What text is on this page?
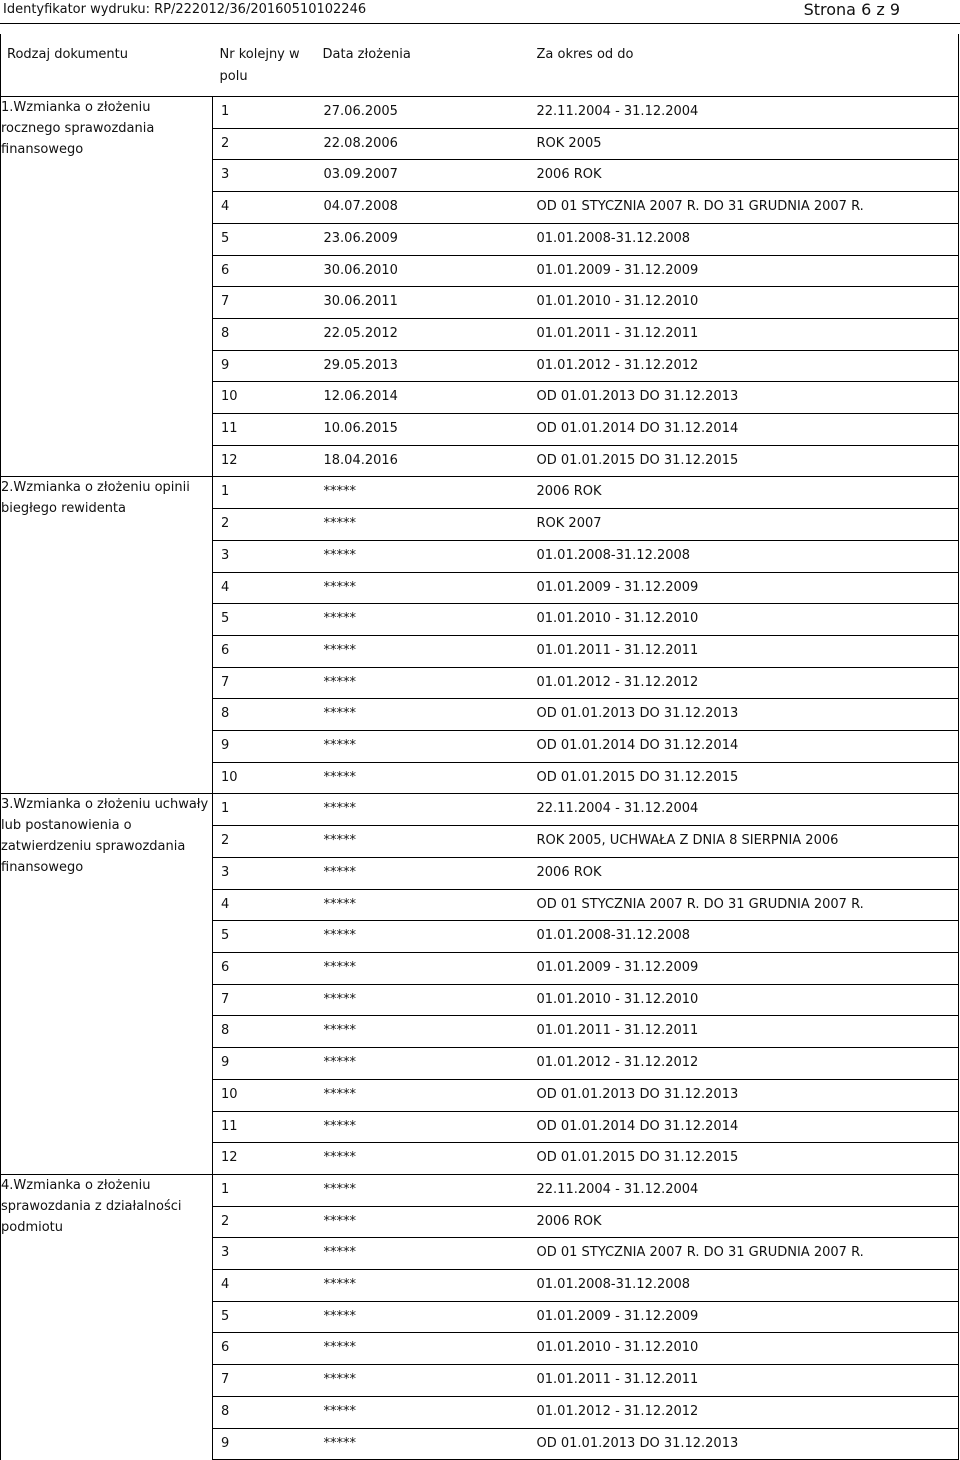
Identyfikator wydruku: RP/222012/36/20160510102246	Strona 6 z 9
Rodzaj dokumentu	Nr kolejny w polu	Data złożenia	Za okres od do

1.Wzmianka o złożeniu rocznego sprawozdania finansowego	1	27.06.2005	22.11.2004 - 31.12.2004
	2	22.08.2006	ROK 2005
	3	03.09.2007	2006 ROK
	4	04.07.2008	OD 01 STYCZNIA 2007 R. DO 31 GRUDNIA 2007 R.
	5	23.06.2009	01.01.2008-31.12.2008
	6	30.06.2010	01.01.2009 - 31.12.2009
	7	30.06.2011	01.01.2010 - 31.12.2010
	8	22.05.2012	01.01.2011 - 31.12.2011
	9	29.05.2013	01.01.2012 - 31.12.2012
	10	12.06.2014	OD 01.01.2013 DO 31.12.2013
	11	10.06.2015	OD 01.01.2014 DO 31.12.2014
	12	18.04.2016	OD 01.01.2015 DO 31.12.2015
2.Wzmianka o złożeniu opinii biegłego rewidenta	1	*****	2006 ROK
	2	*****	ROK 2007
	3	*****	01.01.2008-31.12.2008
	4	*****	01.01.2009 - 31.12.2009
	5	*****	01.01.2010 - 31.12.2010
	6	*****	01.01.2011 - 31.12.2011
	7	*****	01.01.2012 - 31.12.2012
	8	*****	OD 01.01.2013 DO 31.12.2013
	9	*****	OD 01.01.2014 DO 31.12.2014
	10	*****	OD 01.01.2015 DO 31.12.2015
3.Wzmianka o złożeniu uchwały lub postanowienia o zatwierdzeniu sprawozdania finansowego	1	*****	22.11.2004 - 31.12.2004
	2	*****	ROK 2005, UCHWAŁA Z DNIA 8 SIERPNIA 2006
	3	*****	2006 ROK
	4	*****	OD 01 STYCZNIA 2007 R. DO 31 GRUDNIA 2007 R.
	5	*****	01.01.2008-31.12.2008
	6	*****	01.01.2009 - 31.12.2009
	7	*****	01.01.2010 - 31.12.2010
	8	*****	01.01.2011 - 31.12.2011
	9	*****	01.01.2012 - 31.12.2012
	10	*****	OD 01.01.2013 DO 31.12.2013
	11	*****	OD 01.01.2014 DO 31.12.2014
	12	*****	OD 01.01.2015 DO 31.12.2015
4.Wzmianka o złożeniu sprawozdania z działalności podmiotu	1	*****	22.11.2004 - 31.12.2004
	2	*****	2006 ROK
	3	*****	OD 01 STYCZNIA 2007 R. DO 31 GRUDNIA 2007 R.
	4	*****	01.01.2008-31.12.2008
	5	*****	01.01.2009 - 31.12.2009
	6	*****	01.01.2010 - 31.12.2010
	7	*****	01.01.2011 - 31.12.2011
	8	*****	01.01.2012 - 31.12.2012
	9	*****	OD 01.01.2013 DO 31.12.2013
